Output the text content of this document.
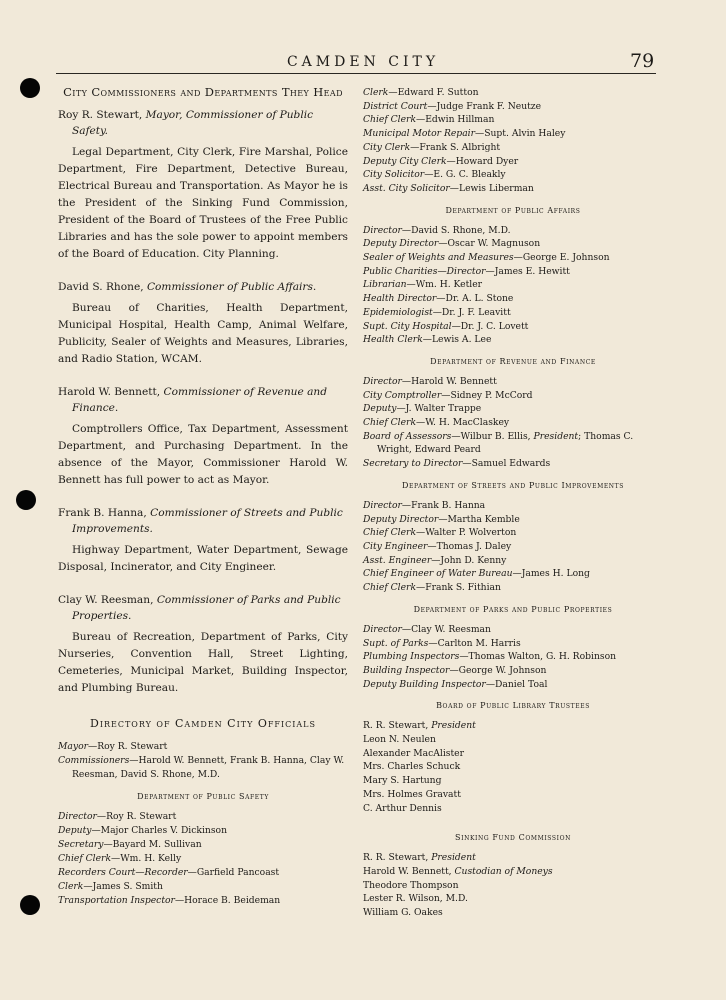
CAMDEN CITY	79
City Commissioners and Departments They Head
Roy R. Stewart, Mayor, Commissioner of Public Safety.
Legal Department, City Clerk, Fire Marshal, Police Department, Fire Department, Detective Bureau, Electrical Bureau and Transportation. As Mayor he is the President of the Sinking Fund Commission, President of the Board of Trustees of the Free Public Libraries and has the sole power to appoint members of the Board of Education. City Planning.
David S. Rhone, Commissioner of Public Affairs.
Bureau of Charities, Health Department, Municipal Hospital, Health Camp, Animal Welfare, Publicity, Sealer of Weights and Measures, Libraries, and Radio Station, WCAM.
Harold W. Bennett, Commissioner of Revenue and Finance.
Comptrollers Office, Tax Department, Assessment Department, and Purchasing Department. In the absence of the Mayor, Commissioner Harold W. Bennett has full power to act as Mayor.
Frank B. Hanna, Commissioner of Streets and Public Improvements.
Highway Department, Water Department, Sewage Disposal, Incinerator, and City Engineer.
Clay W. Reesman, Commissioner of Parks and Public Properties.
Bureau of Recreation, Department of Parks, City Nurseries, Convention Hall, Street Lighting, Cemeteries, Municipal Market, Building Inspector, and Plumbing Bureau.
Directory of Camden City Officials
Mayor—Roy R. Stewart
Commissioners—Harold W. Bennett, Frank B. Hanna, Clay W. Reesman, David S. Rhone, M.D.
Department of Public Safety
Director—Roy R. Stewart
Deputy—Major Charles V. Dickinson
Secretary—Bayard M. Sullivan
Chief Clerk—Wm. H. Kelly
Recorders Court—Recorder—Garfield Pancoast
Clerk—James S. Smith
Transportation Inspector—Horace B. Beideman
Clerk—Edward F. Sutton
District Court—Judge Frank F. Neutze
Chief Clerk—Edwin Hillman
Municipal Motor Repair—Supt. Alvin Haley
City Clerk—Frank S. Albright
Deputy City Clerk—Howard Dyer
City Solicitor—E. G. C. Bleakly
Asst. City Solicitor—Lewis Liberman
Department of Public Affairs
Director—David S. Rhone, M.D.
Deputy Director—Oscar W. Magnuson
Sealer of Weights and Measures—George E. Johnson
Public Charities—Director—James E. Hewitt
Librarian—Wm. H. Ketler
Health Director—Dr. A. L. Stone
Epidemiologist—Dr. J. F. Leavitt
Supt. City Hospital—Dr. J. C. Lovett
Health Clerk—Lewis A. Lee
Department of Revenue and Finance
Director—Harold W. Bennett
City Comptroller—Sidney P. McCord
Deputy—J. Walter Trappe
Chief Clerk—W. H. MacClaskey
Board of Assessors—Wilbur B. Ellis, President; Thomas C. Wright, Edward Peard
Secretary to Director—Samuel Edwards
Department of Streets and Public Improvements
Director—Frank B. Hanna
Deputy Director—Martha Kemble
Chief Clerk—Walter P. Wolverton
City Engineer—Thomas J. Daley
Asst. Engineer—John D. Kenny
Chief Engineer of Water Bureau—James H. Long
Chief Clerk—Frank S. Fithian
Department of Parks and Public Properties
Director—Clay W. Reesman
Supt. of Parks—Carlton M. Harris
Plumbing Inspectors—Thomas Walton, G. H. Robinson
Building Inspector—George W. Johnson
Deputy Building Inspector—Daniel Toal
Board of Public Library Trustees
R. R. Stewart, President
Leon N. Neulen
Alexander MacAlister
Mrs. Charles Schuck
Mary S. Hartung
Mrs. Holmes Gravatt
C. Arthur Dennis
Sinking Fund Commission
R. R. Stewart, President
Harold W. Bennett, Custodian of Moneys
Theodore Thompson
Lester R. Wilson, M.D.
William G. Oakes
